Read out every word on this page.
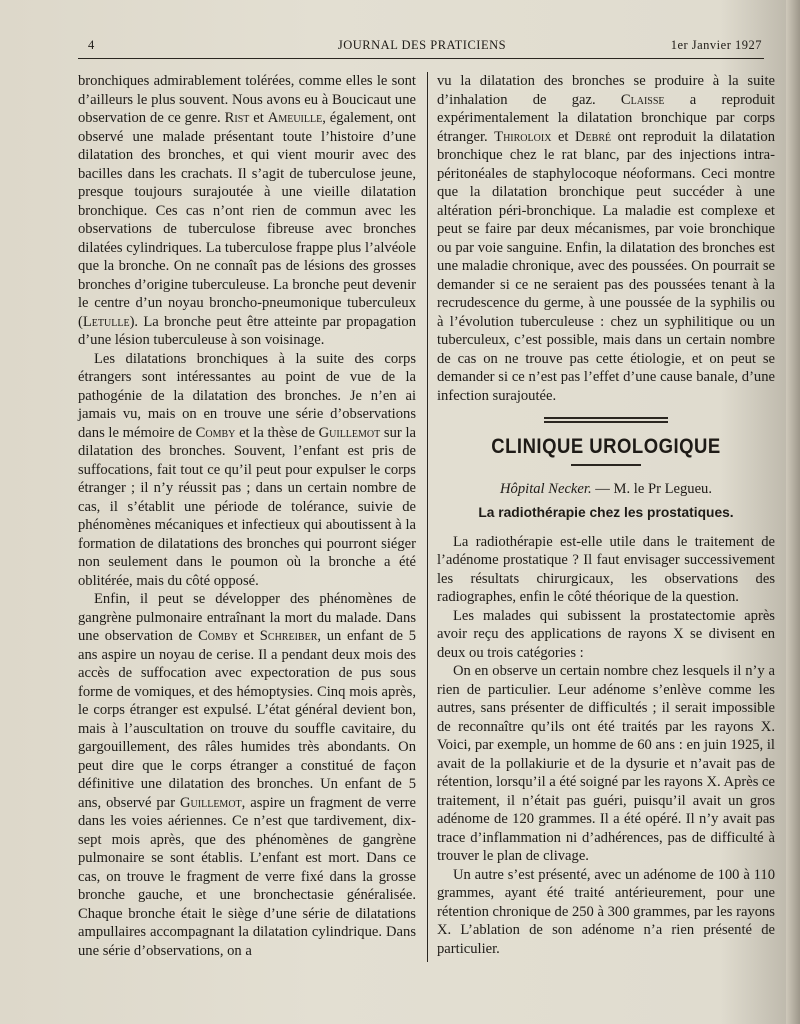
4	JOURNAL DES PRATICIENS	1er Janvier 1927

bronchiques admirablement tolérées, comme elles le sont d’ailleurs le plus souvent. Nous avons eu à Boucicaut une observation de ce genre. Rist et Ameuille, également, ont observé une malade présentant toute l’histoire d’une dilatation des bronches, et qui vient mourir avec des bacilles dans les crachats. Il s’agit de tuberculose jeune, presque toujours surajoutée à une vieille dilatation bronchique. Ces cas n’ont rien de commun avec les observations de tuberculose fibreuse avec bronches dilatées cylindriques. La tuberculose frappe plus l’alvéole que la bronche. On ne connaît pas de lésions des grosses bronches d’origine tuberculeuse. La bronche peut devenir le centre d’un noyau broncho-pneumonique tuberculeux (Letulle). La bronche peut être atteinte par propagation d’une lésion tuberculeuse à son voisinage.

Les dilatations bronchiques à la suite des corps étrangers sont intéressantes au point de vue de la pathogénie de la dilatation des bronches. Je n’en ai jamais vu, mais on en trouve une série d’observations dans le mémoire de Comby et la thèse de Guillemot sur la dilatation des bronches. Souvent, l’enfant est pris de suffocations, fait tout ce qu’il peut pour expulser le corps étranger ; il n’y réussit pas ; dans un certain nombre de cas, il s’établit une période de tolérance, suivie de phénomènes mécaniques et infectieux qui aboutissent à la formation de dilatations des bronches qui pourront siéger non seulement dans le poumon où la bronche a été oblitérée, mais du côté opposé.

Enfin, il peut se développer des phénomènes de gangrène pulmonaire entraînant la mort du malade. Dans une observation de Comby et Schreiber, un enfant de 5 ans aspire un noyau de cerise. Il a pendant deux mois des accès de suffocation avec expectoration de pus sous forme de vomiques, et des hémoptysies. Cinq mois après, le corps étranger est expulsé. L’état général devient bon, mais à l’auscultation on trouve du souffle cavitaire, du gargouillement, des râles humides très abondants. On peut dire que le corps étranger a constitué de façon définitive une dilatation des bronches. Un enfant de 5 ans, observé par Guillemot, aspire un fragment de verre dans les voies aériennes. Ce n’est que tardivement, dix-sept mois après, que des phénomènes de gangrène pulmonaire se sont établis. L’enfant est mort. Dans ce cas, on trouve le fragment de verre fixé dans la grosse bronche gauche, et une bronchectasie généralisée. Chaque bronche était le siège d’une série de dilatations ampullaires accompagnant la dilatation cylindrique. Dans une série d’observations, on a

vu la dilatation des bronches se produire à la suite d’inhalation de gaz. Claisse a reproduit expérimentalement la dilatation bronchique par corps étranger. Thiroloix et Debré ont reproduit la dilatation bronchique chez le rat blanc, par des injections intra-péritonéales de staphylocoque néoformans. Ceci montre que la dilatation bronchique peut succéder à une altération péri-bronchique. La maladie est complexe et peut se faire par deux mécanismes, par voie bronchique ou par voie sanguine. Enfin, la dilatation des bronches est une maladie chronique, avec des poussées. On pourrait se demander si ce ne seraient pas des poussées tenant à la recrudescence du germe, à une poussée de la syphilis ou à l’évolution tuberculeuse : chez un syphilitique ou un tuberculeux, c’est possible, mais dans un certain nombre de cas on ne trouve pas cette étiologie, et on peut se demander si ce n’est pas l’effet d’une cause banale, d’une infection surajoutée.

CLINIQUE UROLOGIQUE
Hôpital Necker. — M. le Pr Legueu.
La radiothérapie chez les prostatiques.

La radiothérapie est-elle utile dans le traitement de l’adénome prostatique ? Il faut envisager successivement les résultats chirurgicaux, les observations des radiographes, enfin le côté théorique de la question.

Les malades qui subissent la prostatectomie après avoir reçu des applications de rayons X se divisent en deux ou trois catégories :

On en observe un certain nombre chez lesquels il n’y a rien de particulier. Leur adénome s’enlève comme les autres, sans présenter de difficultés ; il serait impossible de reconnaître qu’ils ont été traités par les rayons X. Voici, par exemple, un homme de 60 ans : en juin 1925, il avait de la pollakiurie et de la dysurie et n’avait pas de rétention, lorsqu’il a été soigné par les rayons X. Après ce traitement, il n’était pas guéri, puisqu’il avait un gros adénome de 120 grammes. Il a été opéré. Il n’y avait pas trace d’inflammation ni d’adhérences, pas de difficulté à trouver le plan de clivage.

Un autre s’est présenté, avec un adénome de 100 à 110 grammes, ayant été traité antérieurement, pour une rétention chronique de 250 à 300 grammes, par les rayons X. L’ablation de son adénome n’a rien présenté de particulier.
